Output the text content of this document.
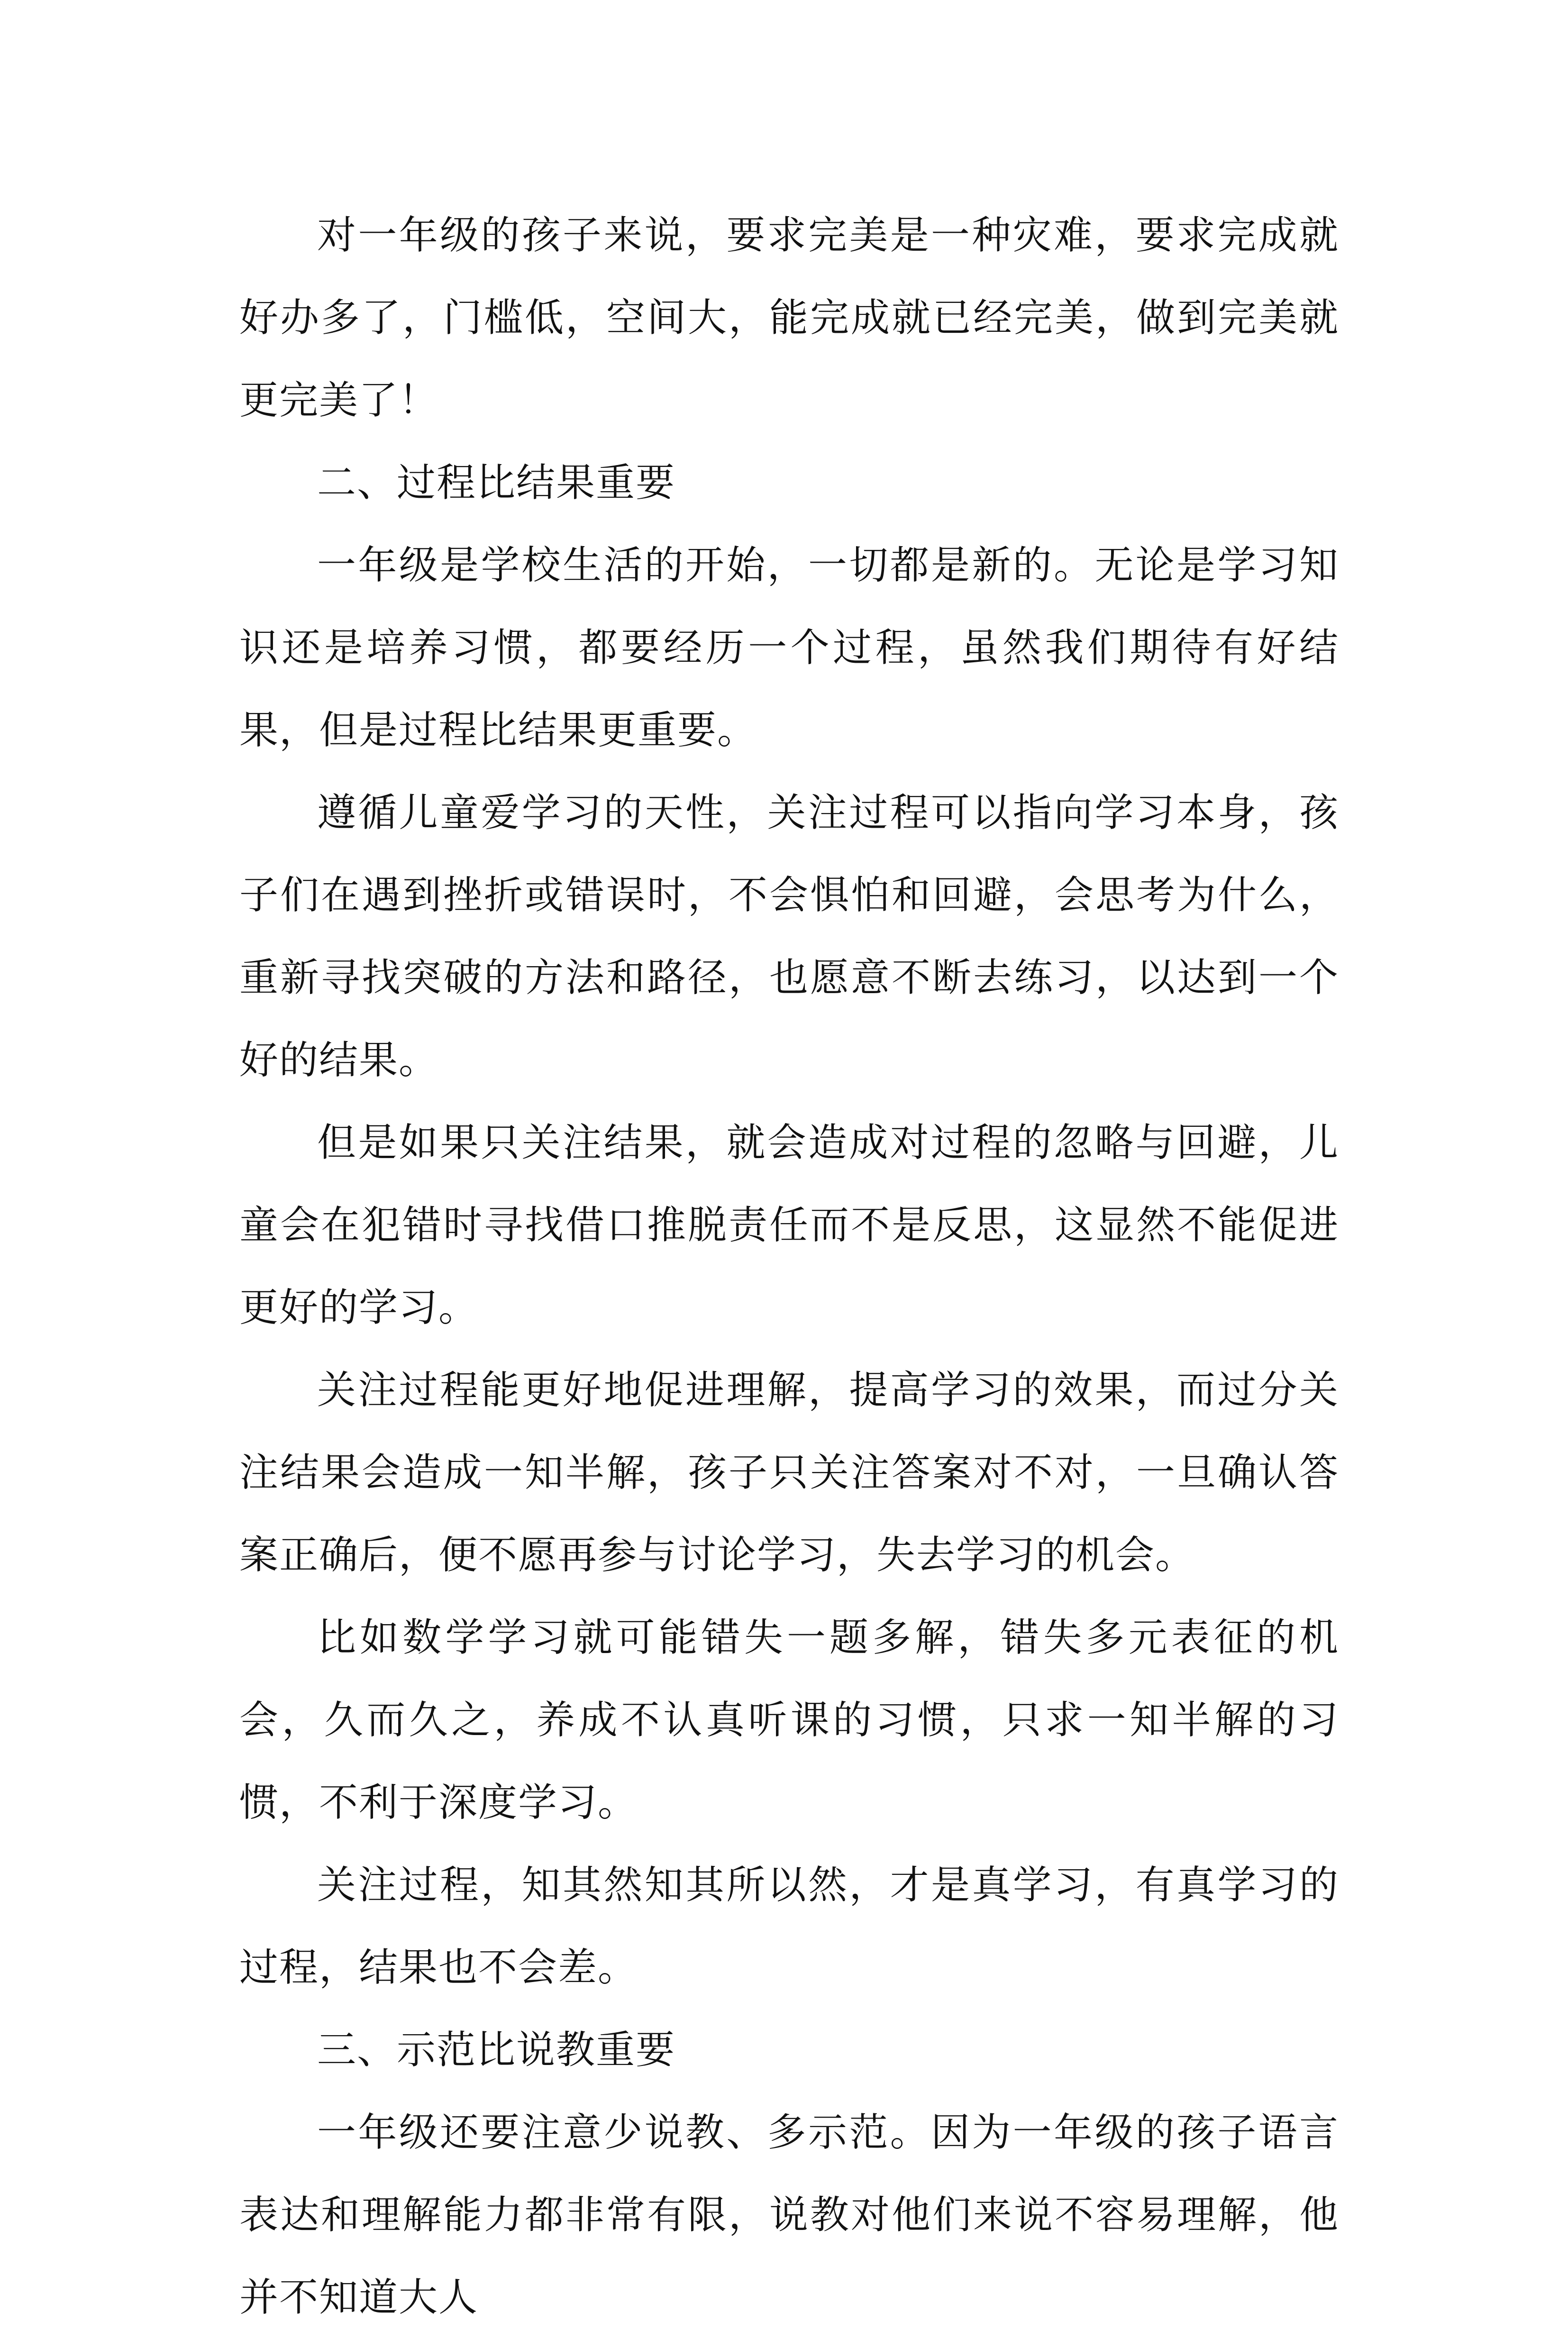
对一年级的孩子来说，要求完美是一种灾难，要求完成就好办多了，门槛低，空间大，能完成就已经完美，做到完美就更完美了！

二、过程比结果重要

一年级是学校生活的开始，一切都是新的。无论是学习知识还是培养习惯，都要经历一个过程，虽然我们期待有好结果，但是过程比结果更重要。

遵循儿童爱学习的天性，关注过程可以指向学习本身，孩子们在遇到挫折或错误时，不会惧怕和回避，会思考为什么，重新寻找突破的方法和路径，也愿意不断去练习，以达到一个好的结果。

但是如果只关注结果，就会造成对过程的忽略与回避，儿童会在犯错时寻找借口推脱责任而不是反思，这显然不能促进更好的学习。

关注过程能更好地促进理解，提高学习的效果，而过分关注结果会造成一知半解，孩子只关注答案对不对，一旦确认答案正确后，便不愿再参与讨论学习，失去学习的机会。

比如数学学习就可能错失一题多解，错失多元表征的机会，久而久之，养成不认真听课的习惯，只求一知半解的习惯，不利于深度学习。

关注过程，知其然知其所以然，才是真学习，有真学习的过程，结果也不会差。

三、示范比说教重要

一年级还要注意少说教、多示范。因为一年级的孩子语言表达和理解能力都非常有限，说教对他们来说不容易理解，他并不知道大人
